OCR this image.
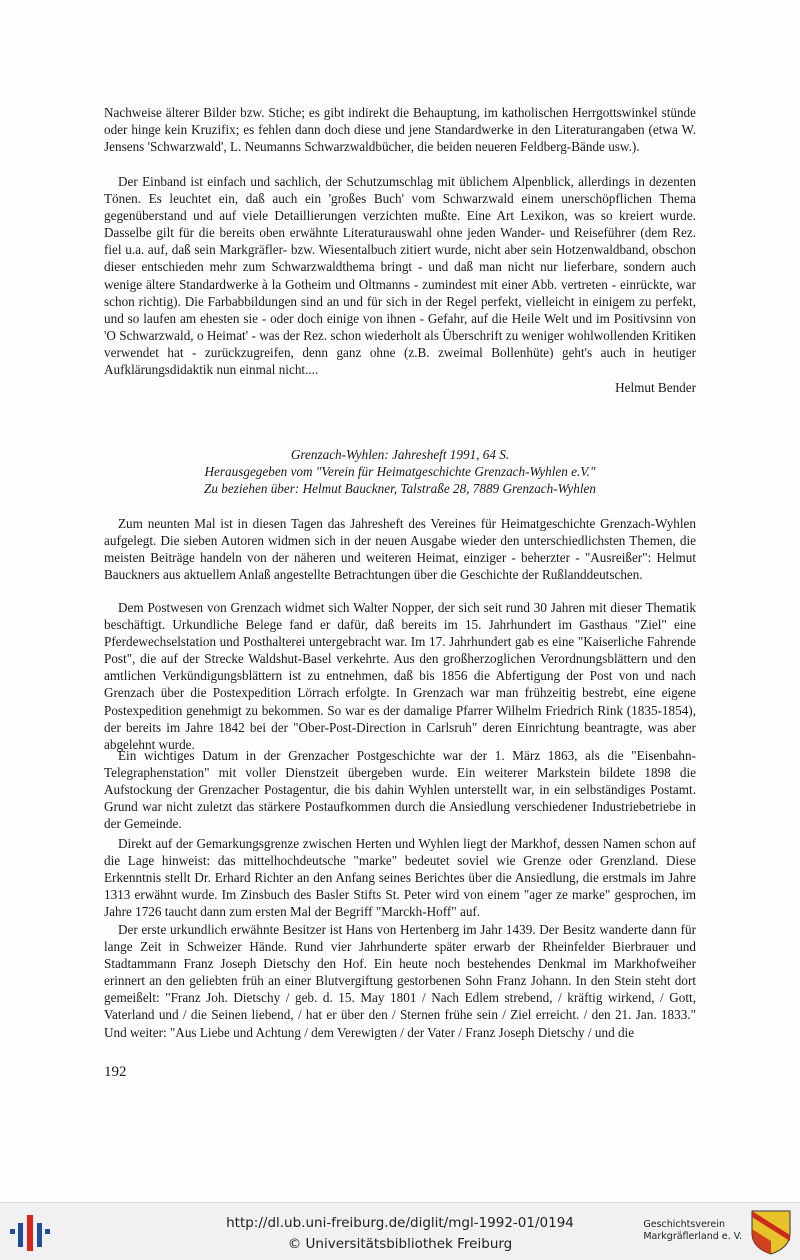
Nachweise älterer Bilder bzw. Stiche; es gibt indirekt die Behauptung, im katholischen Herrgottswinkel stünde oder hinge kein Kruzifix; es fehlen dann doch diese und jene Standardwerke in den Literaturangaben (etwa W. Jensens 'Schwarzwald', L. Neumanns Schwarzwaldbücher, die beiden neueren Feldberg-Bände usw.).

Der Einband ist einfach und sachlich, der Schutzumschlag mit üblichem Alpenblick, allerdings in dezenten Tönen. Es leuchtet ein, daß auch ein 'großes Buch' vom Schwarzwald einem unerschöpflichen Thema gegenüberstand und auf viele Detaillierungen verzichten mußte. Eine Art Lexikon, was so kreiert wurde. Dasselbe gilt für die bereits oben erwähnte Literaturauswahl ohne jeden Wander- und Reiseführer (dem Rez. fiel u.a. auf, daß sein Markgräfler- bzw. Wiesentalbuch zitiert wurde, nicht aber sein Hotzenwaldband, obschon dieser entschieden mehr zum Schwarzwaldthema bringt - und daß man nicht nur lieferbare, sondern auch wenige ältere Standardwerke à la Gotheim und Oltmanns - zumindest mit einer Abb. vertreten - einrückte, war schon richtig). Die Farbabbildungen sind an und für sich in der Regel perfekt, vielleicht in einigem zu perfekt, und so laufen am ehesten sie - oder doch einige von ihnen - Gefahr, auf die Heile Welt und im Positivsinn von 'O Schwarzwald, o Heimat' - was der Rez. schon wiederholt als Überschrift zu weniger wohlwollenden Kritiken verwendet hat - zurückzugreifen, denn ganz ohne (z.B. zweimal Bollenhüte) geht's auch in heutiger Aufklärungsdidaktik nun einmal nicht....

Helmut Bender

Grenzach-Wyhlen: Jahresheft 1991, 64 S.
Herausgegeben vom "Verein für Heimatgeschichte Grenzach-Wyhlen e.V."
Zu beziehen über: Helmut Bauckner, Talstraße 28, 7889 Grenzach-Wyhlen

Zum neunten Mal ist in diesen Tagen das Jahresheft des Vereines für Heimatgeschichte Grenzach-Wyhlen aufgelegt. Die sieben Autoren widmen sich in der neuen Ausgabe wieder den unterschiedlichsten Themen, die meisten Beiträge handeln von der näheren und weiteren Heimat, einziger - beherzter - "Ausreißer": Helmut Bauckners aus aktuellem Anlaß angestellte Betrachtungen über die Geschichte der Rußlanddeutschen.

Dem Postwesen von Grenzach widmet sich Walter Nopper, der sich seit rund 30 Jahren mit dieser Thematik beschäftigt. Urkundliche Belege fand er dafür, daß bereits im 15. Jahrhundert im Gasthaus "Ziel" eine Pferdewechselstation und Posthalterei untergebracht war. Im 17. Jahrhundert gab es eine "Kaiserliche Fahrende Post", die auf der Strecke Waldshut-Basel verkehrte. Aus den großherzoglichen Verordnungsblättern und den amtlichen Verkündigungsblättern ist zu entnehmen, daß bis 1856 die Abfertigung der Post von und nach Grenzach über die Postexpedition Lörrach erfolgte. In Grenzach war man frühzeitig bestrebt, eine eigene Postexpedition genehmigt zu bekommen. So war es der damalige Pfarrer Wilhelm Friedrich Rink (1835-1854), der bereits im Jahre 1842 bei der "Ober-Post-Direction in Carlsruh" deren Einrichtung beantragte, was aber abgelehnt wurde.

Ein wichtiges Datum in der Grenzacher Postgeschichte war der 1. März 1863, als die "Eisenbahn-Telegraphenstation" mit voller Dienstzeit übergeben wurde. Ein weiterer Markstein bildete 1898 die Aufstockung der Grenzacher Postagentur, die bis dahin Wyhlen unterstellt war, in ein selbständiges Postamt. Grund war nicht zuletzt das stärkere Postaufkommen durch die Ansiedlung verschiedener Industriebetriebe in der Gemeinde.

Direkt auf der Gemarkungsgrenze zwischen Herten und Wyhlen liegt der Markhof, dessen Namen schon auf die Lage hinweist: das mittelhochdeutsche "marke" bedeutet soviel wie Grenze oder Grenzland. Diese Erkenntnis stellt Dr. Erhard Richter an den Anfang seines Berichtes über die Ansiedlung, die erstmals im Jahre 1313 erwähnt wurde. Im Zinsbuch des Basler Stifts St. Peter wird von einem "ager ze marke" gesprochen, im Jahre 1726 taucht dann zum ersten Mal der Begriff "Marckh-Hoff" auf.

Der erste urkundlich erwähnte Besitzer ist Hans von Hertenberg im Jahr 1439. Der Besitz wanderte dann für lange Zeit in Schweizer Hände. Rund vier Jahrhunderte später erwarb der Rheinfelder Bierbrauer und Stadtammann Franz Joseph Dietschy den Hof. Ein heute noch bestehendes Denkmal im Markhofweiher erinnert an den geliebten früh an einer Blutvergiftung gestorbenen Sohn Franz Johann. In den Stein steht dort gemeißelt: "Franz Joh. Dietschy / geb. d. 15. May 1801 / Nach Edlem strebend, / kräftig wirkend, / Gott, Vaterland und / die Seinen liebend, / hat er über den / Sternen frühe sein / Ziel erreicht. / den 21. Jan. 1833." Und weiter: "Aus Liebe und Achtung / dem Verewigten / der Vater / Franz Joseph Dietschy / und die

192

http://dl.ub.uni-freiburg.de/diglit/mgl-1992-01/0194
© Universitätsbibliothek Freiburg
Geschichtsverein
Markgräflerland e. V.
